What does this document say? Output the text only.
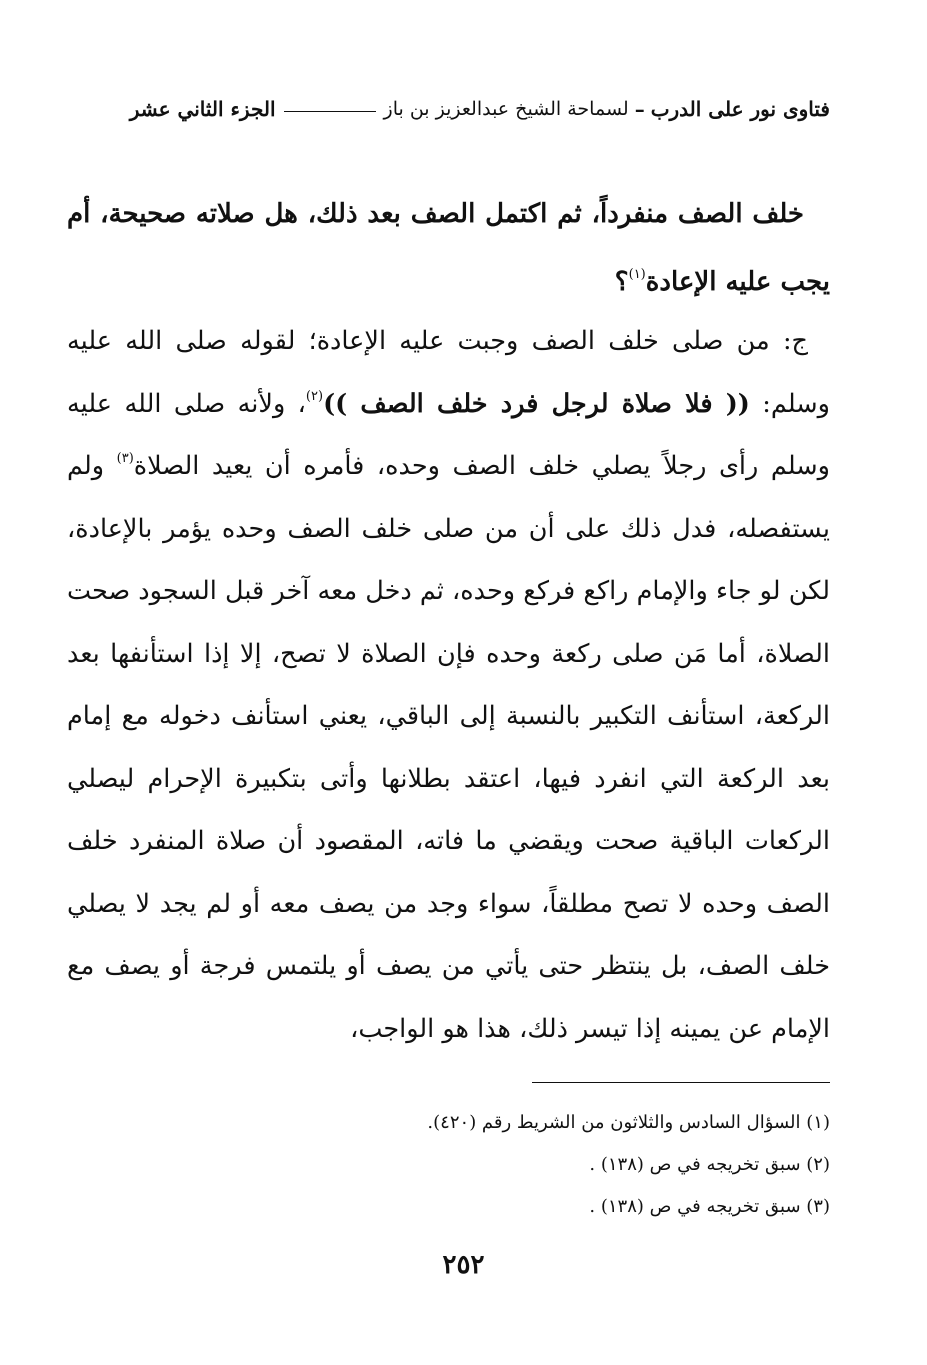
فتاوى نور على الدرب
–
لسماحة الشيخ عبدالعزيز بن باز
الجزء الثاني عشر

خلف الصف منفرداً، ثم اكتمل الصف بعد ذلك، هل صلاته صحيحة، أم يجب عليه الإعادة$^{(١)}$؟

ج: من صلى خلف الصف وجبت عليه الإعادة؛ لقوله صلى الله عليه وسلم: (( فلا صلاة لرجل فرد خلف الصف ))$^{(٢)}$، ولأنه صلى الله عليه وسلم رأى رجلاً يصلي خلف الصف وحده، فأمره أن يعيد الصلاة$^{(٣)}$ ولم يستفصله، فدل ذلك على أن من صلى خلف الصف وحده يؤمر بالإعادة، لكن لو جاء والإمام راكع فركع وحده، ثم دخل معه آخر قبل السجود صحت الصلاة، أما مَن صلى ركعة وحده فإن الصلاة لا تصح، إلا إذا استأنفها بعد الركعة، استأنف التكبير بالنسبة إلى الباقي، يعني استأنف دخوله مع إمام بعد الركعة التي انفرد فيها، اعتقد بطلانها وأتى بتكبيرة الإحرام ليصلي الركعات الباقية صحت ويقضي ما فاته، المقصود أن صلاة المنفرد خلف الصف وحده لا تصح مطلقاً، سواء وجد من يصف معه أو لم يجد لا يصلي خلف الصف، بل ينتظر حتى يأتي من يصف أو يلتمس فرجة أو يصف مع الإمام عن يمينه إذا تيسر ذلك، هذا هو الواجب،

(١) السؤال السادس والثلاثون من الشريط رقم (٤٢٠).
(٢) سبق تخريجه في ص (١٣٨) .
(٣) سبق تخريجه في ص (١٣٨) .
٢٥٢
